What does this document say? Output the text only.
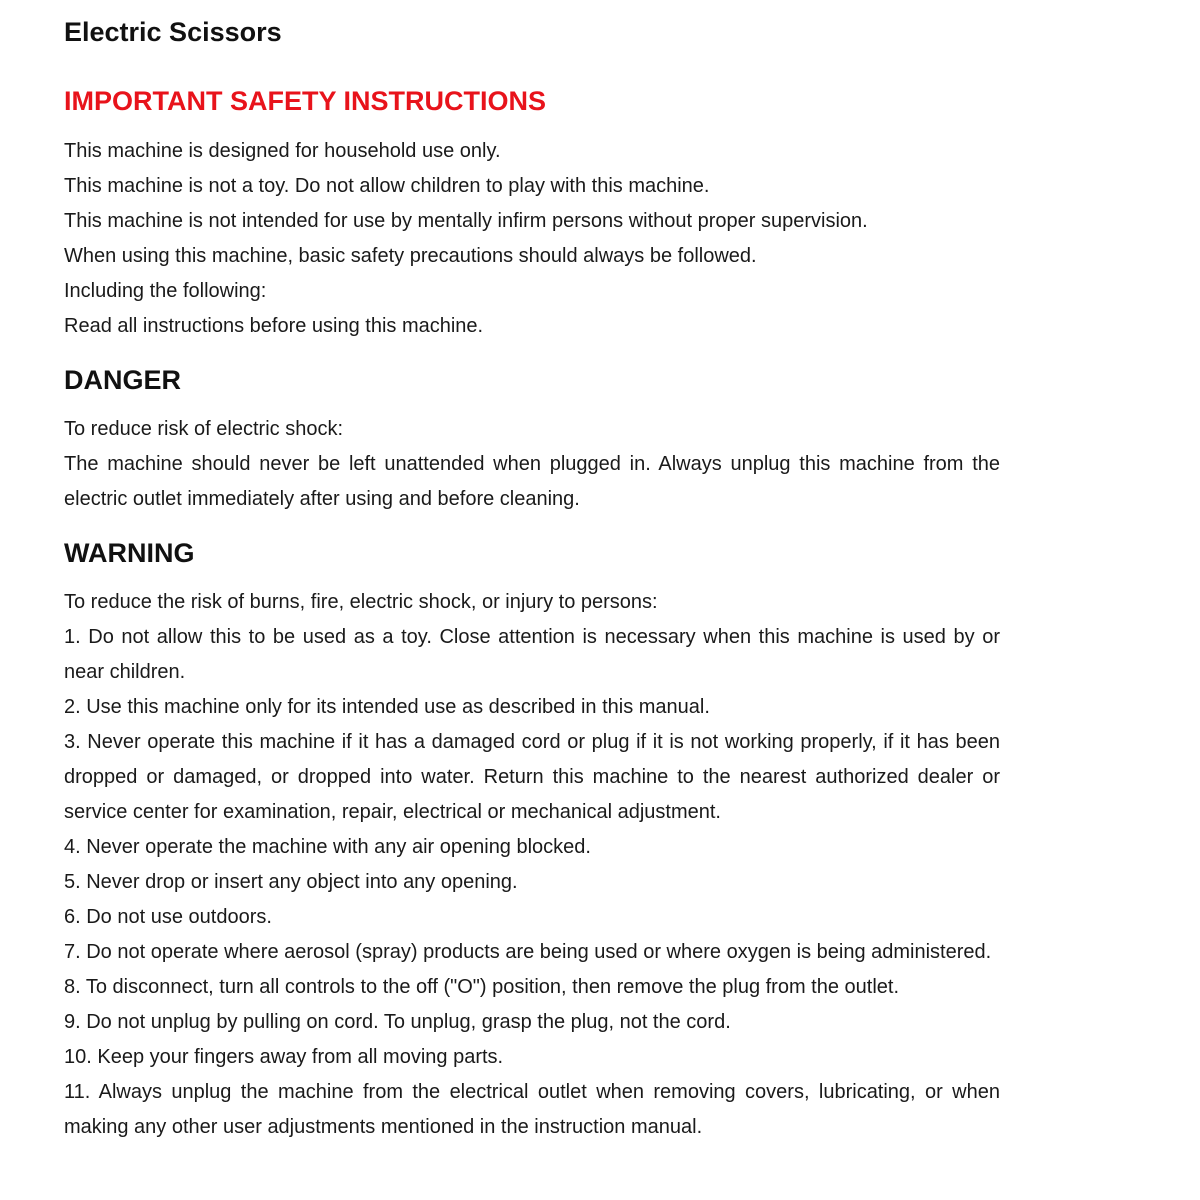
Electric Scissors
IMPORTANT SAFETY INSTRUCTIONS

This machine is designed for household use only.

This machine is not a toy. Do not allow children to play with this machine.

This machine is not intended for use by mentally infirm persons without proper supervision.

When using this machine, basic safety precautions should always be followed.

Including the following:

Read all instructions before using this machine.

DANGER

To reduce risk of electric shock:

The machine should never be left unattended when plugged in. Always unplug this machine from the electric outlet immediately after using and before cleaning.

WARNING

To reduce the risk of burns, fire, electric shock, or injury to persons:

1. Do not allow this to be used as a toy. Close attention is necessary when this machine is used by or near children.

2. Use this machine only for its intended use as described in this manual.

3. Never operate this machine if it has a damaged cord or plug if it is not working properly, if it has been dropped or damaged, or dropped into water. Return this machine to the nearest authorized dealer or service center for examination, repair, electrical or mechanical adjustment.

4. Never operate the machine with any air opening blocked.

5. Never drop or insert any object into any opening.

6. Do not use outdoors.

7. Do not operate where aerosol (spray) products are being used or where oxygen is being administered.

8. To disconnect, turn all controls to the off ("O") position, then remove the plug from the outlet.

9. Do not unplug by pulling on cord. To unplug, grasp the plug, not the cord.

10. Keep your fingers away from all moving parts.

11. Always unplug the machine from the electrical outlet when removing covers, lubricating, or when making any other user adjustments mentioned in the instruction manual.
